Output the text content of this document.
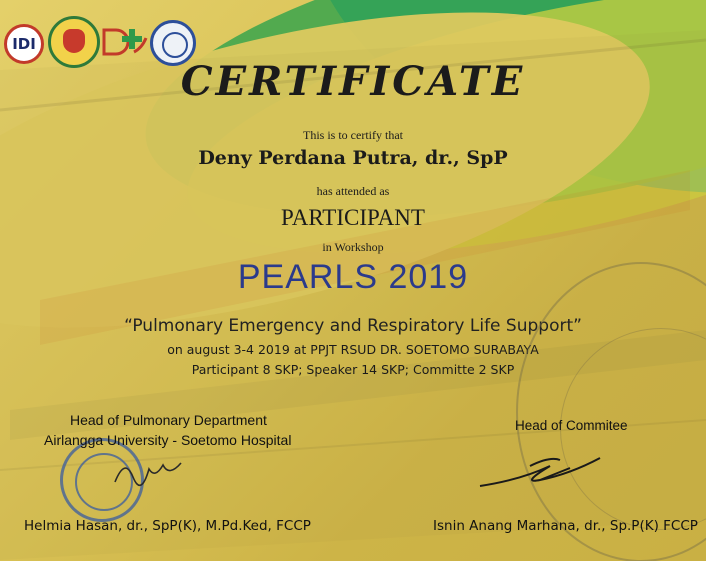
IDI
CERTIFICATE
This is to certify that
Deny Perdana Putra, dr., SpP
has attended as
PARTICIPANT
in Workshop
PEARLS 2019
“Pulmonary Emergency and Respiratory Life Support”
on august 3-4 2019 at PPJT RSUD DR. SOETOMO SURABAYA
Participant 8 SKP; Speaker 14 SKP; Committe 2 SKP
Head of Pulmonary Department
Airlangga University - Soetomo Hospital
Helmia Hasan, dr., SpP(K), M.Pd.Ked, FCCP
Head of Commitee
Isnin Anang Marhana, dr., Sp.P(K) FCCP
